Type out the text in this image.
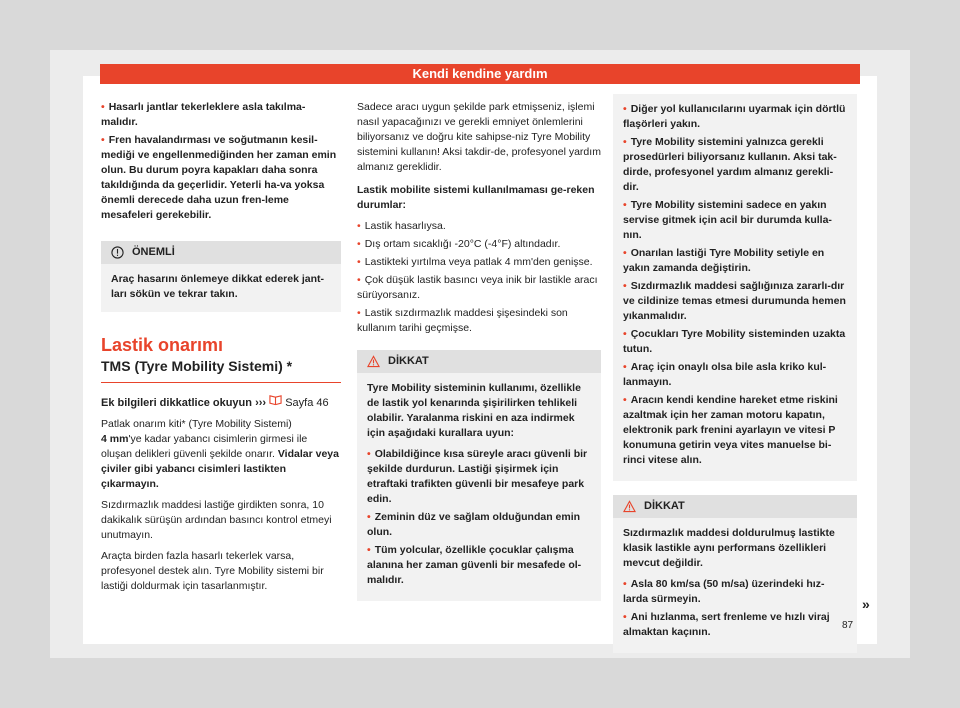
Kendi kendine yardım

• Hasarlı jantlar tekerleklere asla takılma-malıdır.

• Fren havalandırması ve soğutmanın kesil-mediği ve engellenmediğinden her zaman emin olun. Bu durum poyra kapakları daha sonra takıldığında da geçerlidir. Yeterli ha-va yoksa önemli derecede daha uzun fren-leme mesafeleri gerekebilir.

ÖNEMLİ
Araç hasarını önlemeye dikkat ederek jant-ları sökün ve tekrar takın.
Lastik onarımı
TMS (Tyre Mobility Sistemi) *

Ek bilgileri dikkatlice okuyun ››› Sayfa 46

Patlak onarım kiti* (Tyre Mobility Sistemi)
4 mm'ye kadar yabancı cisimlerin girmesi ile oluşan delikleri güvenli şekilde onarır. Vidalar veya çiviler gibi yabancı cisimleri lastikten çıkarmayın.

Sızdırmazlık maddesi lastiğe girdikten sonra, 10 dakikalık sürüşün ardından basıncı kontrol etmeyi unutmayın.

Araçta birden fazla hasarlı tekerlek varsa, profesyonel destek alın. Tyre Mobility sistemi bir lastiği doldurmak için tasarlanmıştır.

Sadece aracı uygun şekilde park etmişseniz, işlemi nasıl yapacağınızı ve gerekli emniyet önlemlerini biliyorsanız ve doğru kite sahipse-niz Tyre Mobility sistemini kullanın! Aksi takdir-de, profesyonel yardım almanız gereklidir.

Lastik mobilite sistemi kullanılmaması ge-reken durumlar:

• Lastik hasarlıysa.

• Dış ortam sıcaklığı -20°C (-4°F) altındadır.

• Lastikteki yırtılma veya patlak 4 mm'den genişse.

• Çok düşük lastik basıncı veya inik bir lastikle aracı sürüyorsanız.

• Lastik sızdırmazlık maddesi şişesindeki son kullanım tarihi geçmişse.

DİKKAT

Tyre Mobility sisteminin kullanımı, özellikle de lastik yol kenarında şişirilirken tehlikeli olabilir. Yaralanma riskini en aza indirmek için aşağıdaki kurallara uyun:

• Olabildiğince kısa süreyle aracı güvenli bir şekilde durdurun. Lastiği şişirmek için etraftaki trafikten güvenli bir mesafeye park edin.

• Zeminin düz ve sağlam olduğundan emin olun.

• Tüm yolcular, özellikle çocuklar çalışma alanına her zaman güvenli bir mesafede ol-malıdır.

• Diğer yol kullanıcılarını uyarmak için dörtlü flaşörleri yakın.

• Tyre Mobility sistemini yalnızca gerekli prosedürleri biliyorsanız kullanın. Aksi tak-dirde, profesyonel yardım almanız gerekli-dir.

• Tyre Mobility sistemini sadece en yakın servise gitmek için acil bir durumda kulla-nın.

• Onarılan lastiği Tyre Mobility setiyle en yakın zamanda değiştirin.

• Sızdırmazlık maddesi sağlığınıza zararlı-dır ve cildinize temas etmesi durumunda hemen yıkanmalıdır.

• Çocukları Tyre Mobility sisteminden uzakta tutun.

• Araç için onaylı olsa bile asla kriko kul-lanmayın.

• Aracın kendi kendine hareket etme riskini azaltmak için her zaman motoru kapatın, elektronik park frenini ayarlayın ve vitesi P konumuna getirin veya vites manuelse bi-rinci vitese alın.

DİKKAT

Sızdırmazlık maddesi doldurulmuş lastikte klasik lastikle aynı performans özellikleri mevcut değildir.

• Asla 80 km/sa (50 m/sa) üzerindeki hız-larda sürmeyin.

• Ani hızlanma, sert frenleme ve hızlı viraj almaktan kaçının.

»
87
